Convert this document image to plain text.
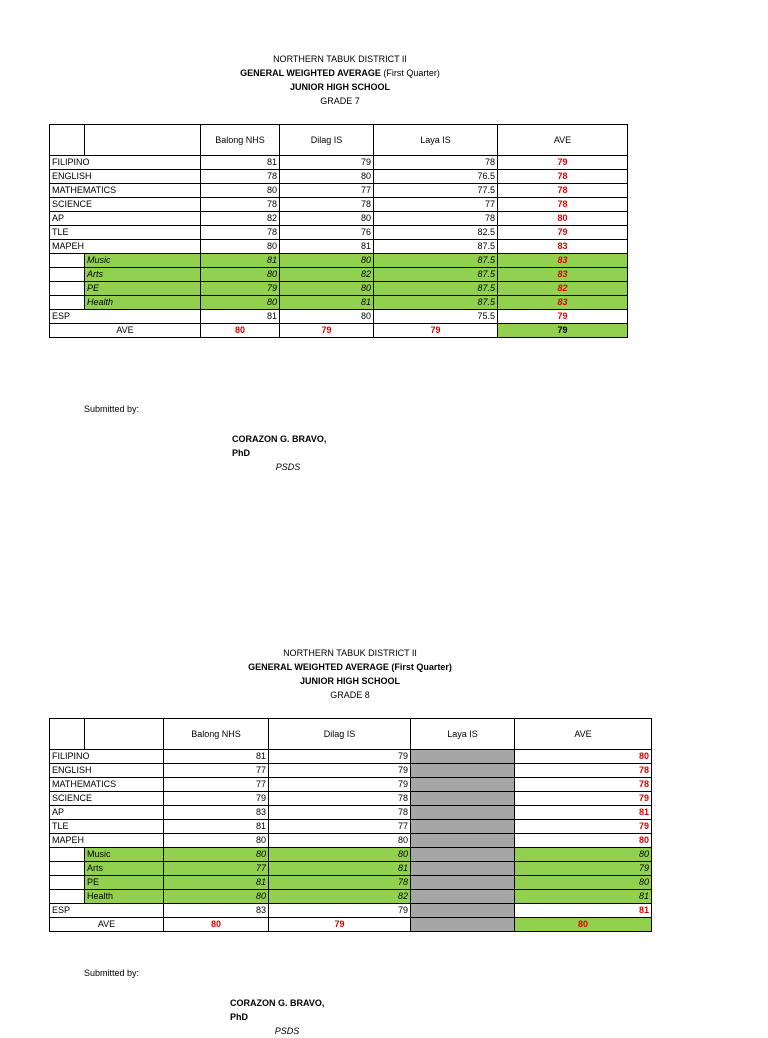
NORTHERN TABUK DISTRICT II
GENERAL WEIGHTED AVERAGE (First Quarter)
JUNIOR HIGH SCHOOL
GRADE 7
		Balong NHS	Dilag IS	Laya IS	AVE
FILIPINO		81	79	78	79
ENGLISH		78	80	76.5	78
MATHEMATICS		80	77	77.5	78
SCIENCE		78	78	77	78
AP		82	80	78	80
TLE		78	76	82.5	79
MAPEH		80	81	87.5	83
	Music	81	80	87.5	83
	Arts	80	82	87.5	83
	PE	79	80	87.5	82
	Health	80	81	87.5	83
ESP		81	80	75.5	79
AVE		80	79	79	79
Submitted by:
CORAZON G. BRAVO, PhD
PSDS
NORTHERN TABUK DISTRICT II
GENERAL WEIGHTED AVERAGE (First Quarter)
JUNIOR HIGH SCHOOL
GRADE 8
		Balong NHS	Dilag IS	Laya IS	AVE
FILIPINO		81	79		80
ENGLISH		77	79		78
MATHEMATICS		77	79		78
SCIENCE		79	78		79
AP		83	78		81
TLE		81	77		79
MAPEH		80	80		80
	Music	80	80		80
	Arts	77	81		79
	PE	81	78		80
	Health	80	82		81
ESP		83	79		81
AVE		80	79		80
Submitted by:
CORAZON G. BRAVO, PhD
PSDS
